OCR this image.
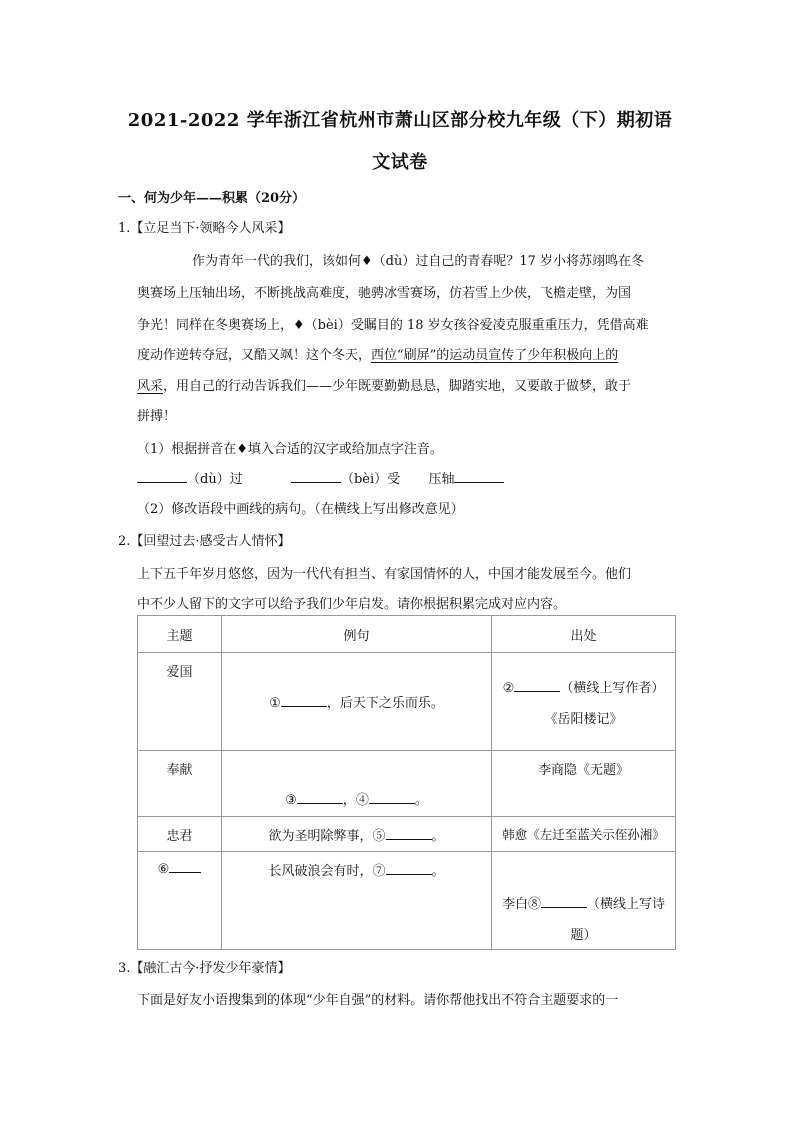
2021-2022 学年浙江省杭州市萧山区部分校九年级（下）期初语
文试卷
一、何为少年——积累（20分）
1.【立足当下·领略今人风采】
作为青年一代的我们，该如何♦（dù）过自己的青春呢？17 岁小将苏翊鸣在冬
奥赛场上压轴出场，不断挑战高难度，驰骋冰雪赛场，仿若雪上少侠，飞檐走壁，为国
争光！同样在冬奥赛场上，♦（bèi）受瞩目的 18 岁女孩谷爱凌克服重重压力，凭借高难
度动作逆转夺冠，又酷又飒！这个冬天，西位“刷屏”的运动员宣传了少年积极向上的
风采，用自己的行动告诉我们——少年既要勤勤恳恳，脚踏实地，又要敢于做梦，敢于
拼搏！
（1）根据拼音在♦填入合适的汉字或给加点字注音。
（dù）过	（bèi）受 压轴
（2）修改语段中画线的病句。（在横线上写出修改意见）
2.【回望过去·感受古人情怀】
上下五千年岁月悠悠，因为一代代有担当、有家国情怀的人，中国才能发展至今。他们
中不少人留下的文字可以给予我们少年启发。请你根据积累完成对应内容。
主题	例句	出处
爱国	① ，后天下之乐而乐。	② （横线上写作者）
《岳阳楼记》

奉献	③ ，④ 。	李商隐《无题》
忠君	欲为圣明除弊事，⑤ 。	韩愈《左迁至蓝关示侄孙湘》
⑥	长风破浪会有时，⑦ 。	李白⑧ （横线上写诗
题）
3.【融汇古今·抒发少年豪情】
下面是好友小语搜集到的体现“少年自强”的材料。请你帮他找出不符合主题要求的一
